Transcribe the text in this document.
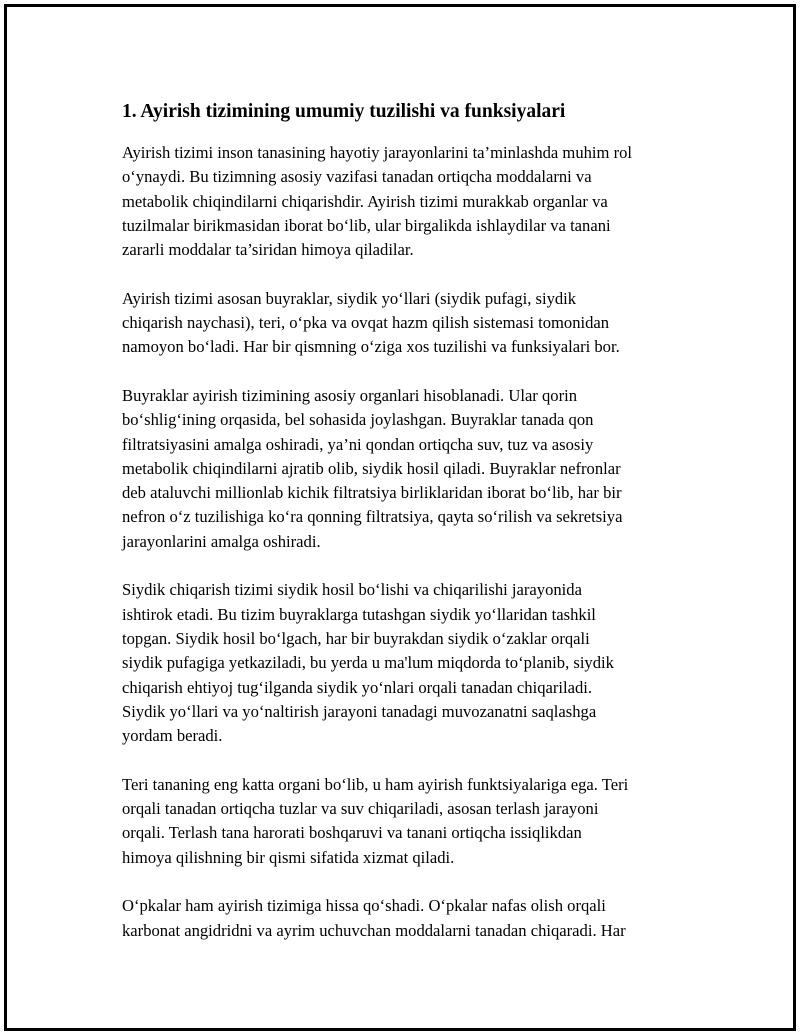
1. Ayirish tizimining umumiy tuzilishi va funksiyalari

Ayirish tizimi inson tanasining hayotiy jarayonlarini ta’minlashda muhim rol
o‘ynaydi. Bu tizimning asosiy vazifasi tanadan ortiqcha moddalarni va
metabolik chiqindilarni chiqarishdir. Ayirish tizimi murakkab organlar va
tuzilmalar birikmasidan iborat bo‘lib, ular birgalikda ishlaydilar va tanani
zararli moddalar ta’siridan himoya qiladilar.

Ayirish tizimi asosan buyraklar, siydik yo‘llari (siydik pufagi, siydik
chiqarish naychasi), teri, o‘pka va ovqat hazm qilish sistemasi tomonidan
namoyon bo‘ladi. Har bir qismning o‘ziga xos tuzilishi va funksiyalari bor.

Buyraklar ayirish tizimining asosiy organlari hisoblanadi. Ular qorin
bo‘shlig‘ining orqasida, bel sohasida joylashgan. Buyraklar tanada qon
filtratsiyasini amalga oshiradi, ya’ni qondan ortiqcha suv, tuz va asosiy
metabolik chiqindilarni ajratib olib, siydik hosil qiladi. Buyraklar nefronlar
deb ataluvchi millionlab kichik filtratsiya birliklaridan iborat bo‘lib, har bir
nefron o‘z tuzilishiga ko‘ra qonning filtratsiya, qayta so‘rilish va sekretsiya
jarayonlarini amalga oshiradi.

Siydik chiqarish tizimi siydik hosil bo‘lishi va chiqarilishi jarayonida
ishtirok etadi. Bu tizim buyraklarga tutashgan siydik yo‘llaridan tashkil
topgan. Siydik hosil bo‘lgach, har bir buyrakdan siydik o‘zaklar orqali
siydik pufagiga yetkaziladi, bu yerda u ma'lum miqdorda to‘planib, siydik
chiqarish ehtiyoj tug‘ilganda siydik yo‘nlari orqali tanadan chiqariladi.
Siydik yo‘llari va yo‘naltirish jarayoni tanadagi muvozanatni saqlashga
yordam beradi.

Teri tananing eng katta organi bo‘lib, u ham ayirish funktsiyalariga ega. Teri
orqali tanadan ortiqcha tuzlar va suv chiqariladi, asosan terlash jarayoni
orqali. Terlash tana harorati boshqaruvi va tanani ortiqcha issiqlikdan
himoya qilishning bir qismi sifatida xizmat qiladi.

O‘pkalar ham ayirish tizimiga hissa qo‘shadi. O‘pkalar nafas olish orqali
karbonat angidridni va ayrim uchuvchan moddalarni tanadan chiqaradi. Har
